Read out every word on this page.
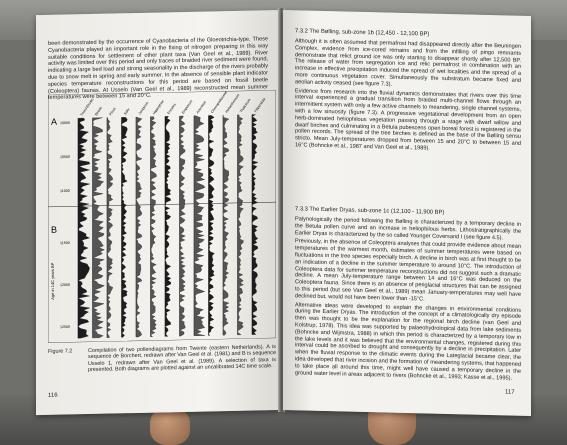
been demonstrated by the occurrence of Cyanobacteria of the Gloeotrichia-type. These Cyanobacteria played an important role in the fixing of nitrogen preparing in this way suitable conditions for settlement of other plant taxa (Van Geel et al., 1989). River activity was limited over this period and only traces of braided river sediment were found, indicating a large bed load and strong seasonality in the discharge of the rivers probably due to snow melt in spring and early summer. In the absence of sensible plant indicator species temperature reconstructions for this period are based on fossil beetle (Coleoptera) faunas. At Usselo (Van Geel et al., 1989) reconstructed mean summer temperatures were between 15 and 20°C.

A
B
Age in 14C years BP
10000
10500
11000
11500
12000
12500
Trees/Shrubs Betula Pinus Salix Juniperus Hippophae Ericales Empetrum Artemisia Chenopodiaceae
Helianthemum
Thalictrum Filipendula
Figure 7.2	Compilation of two pollendiagrams from Twente (eastern Netherlands). A is sequence de Borchert, redrawn after Van Geel et al. (1981) and B is sequence Usselo 1, redrawn after Van Geel et al. (1989). A selection of taxa is presented. Both diagrams are plotted against an uncalibrated 14C time scale.
116
7.3.2 The Bølling, sub-zone 1b (12,450 - 12,100 BP)

Although it is often assumed that permafrost had disappeared directly after the Beuningen Complex, evidence from ice-cored remains and from the infilling of pingo remnants demonstrate that relict ground ice was only starting to disappear shortly after 12,500 BP. The release of water from segregation ice and relic permafrost in combination with an increase in effective precipitation induced the spread of wet localities and the spread of a more continuous vegetation cover. Simultaneously the substratum became fixed and aeolian activity ceased (see figure 7.3).

Evidence from research into the fluvial dynamics demonstrates that rivers over this time interval experienced a gradual transition from braided multi-channel flows through an intermittent system with only a few active channels to meandering, single channel systems, with a low sinuosity (figure 7.3). A progressive vegetational development from an open herb-dominated heliophilous vegetation passing through a stage with dwarf willow and dwarf birches and culminating in a Betula pubescens open boreal forest is registered in the pollen records. The spread of the tree birches is defined as the base of the Bølling sensu stricto. Mean July-temperatures dropped from between 15 and 20°C to between 15 and 16°C (Bohncke et al., 1987 and Van Geel et al., 1989).

7.3.3 The Earlier Dryas, sub-zone 1c (12,100 - 11,900 BP)

Palynologically the period following the Bølling is characterized by a temporary decline in the Betula pollen curve and an increase in heliophilous herbs. Lithostratigraphically the Earlier Dryas is characterized by the so called Younger Coversand I (see figure 4.5).

Previously, in the absence of Coleoptera analyses that could provide evidence about mean temperatures of the warmest month, estimates of summer temperatures were based on fluctuations in the tree species especially birch. A decline in birch was at first thought to be an indication of a decline in the summer temperature to around 10°C. The introduction of Coleoptera data for summer temperature reconstructions did not suggest such a dramatic decline. A mean July-temperature range between 14 and 16°C was deduced on the Coleoptera fauna. Since there is an absence of periglacial structures that can be assigned to this period (but see Van Geel et al., 1989) mean January-temperatures may well have declined but, would not have been lower than -15°C.

Alternative ideas were developed to explain the changes in environmental conditions during the Earlier Dryas. The introduction of the concept of a climatologically dry episode then was thought to be the explanation for the regional birch decline (van Geel and Kolstrup, 1978). This idea was supported by palaeohydrological data from lake sediments (Bohncke and Wijmstra, 1988) in which this period is characterized by a temporary low in the lake levels and it was believed that the environmental changes, registered during this interval could be ascribed to drought and consequently by a decline in precipitation. Later when the fluvial response to the climatic events during the Lateglacial became clear, the idea developed that river incision and the formation of meandering systems, that happened to take place all around this time, might well have caused a temporary decline in the ground water level in areas adjacent to rivers (Bohncke et al., 1993; Kasse et al., 1995).

117
